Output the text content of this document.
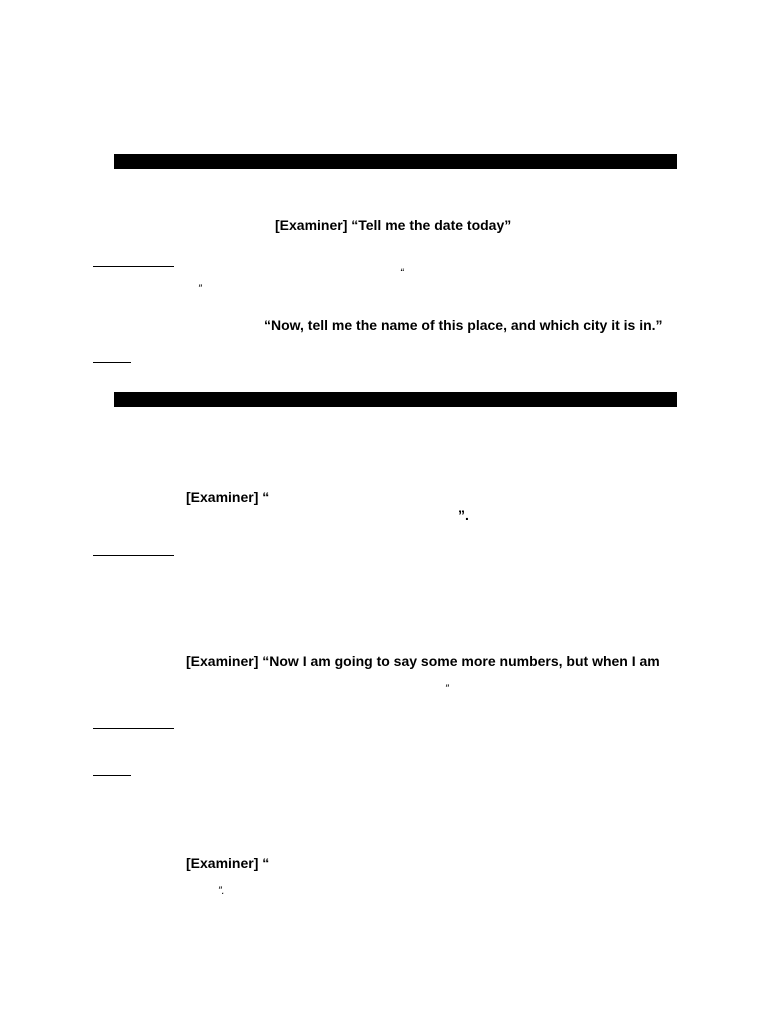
[Examiner] “Tell me the date today”
“
”
“Now, tell me the name of this place, and which city it is in.”
[Examiner] “
”.
[Examiner] “Now I am going to say some more numbers, but when I am
”
[Examiner] “
”.
